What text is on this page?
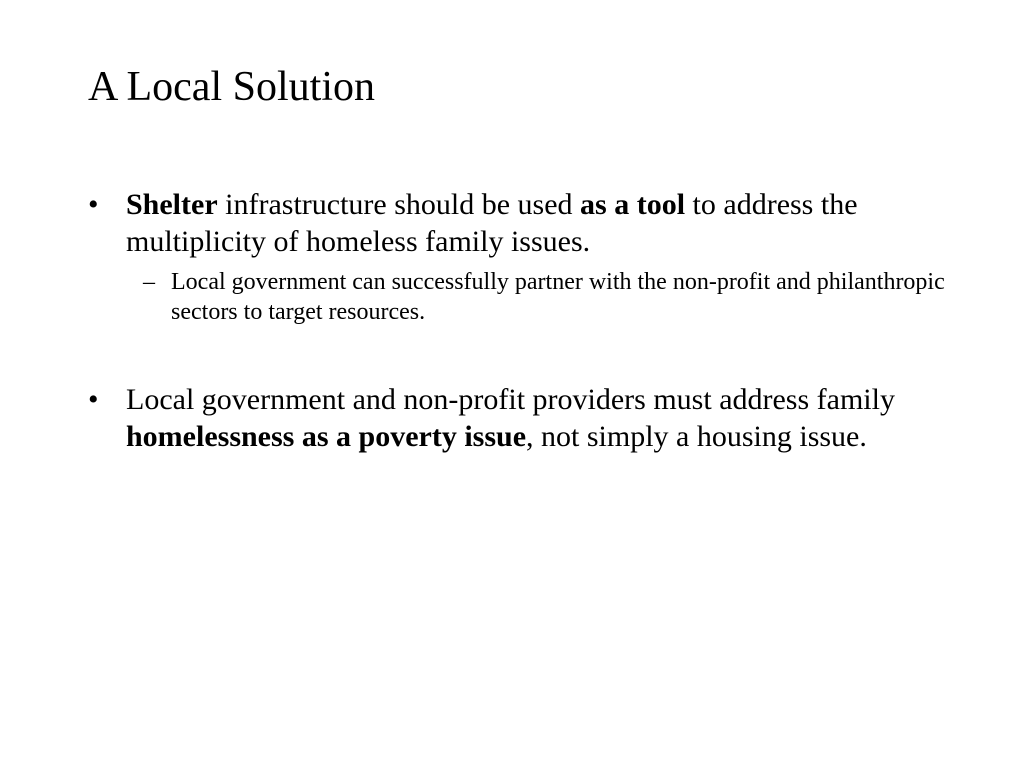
A Local Solution
• Shelter infrastructure should be used as a tool to address the multiplicity of homeless family issues.
– Local government can successfully partner with the non-profit and philanthropic sectors to target resources.
• Local government and non-profit providers must address family homelessness as a poverty issue, not simply a housing issue.
